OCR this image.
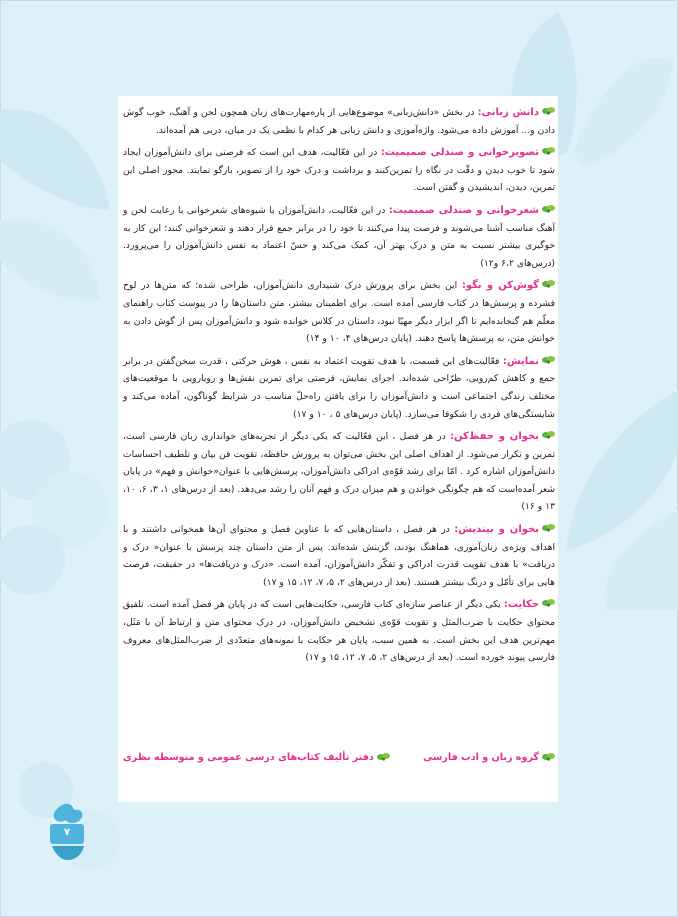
دانش زبانی: در بخش «دانش‌زبانی» موضوع‌هایی از پاره‌مهارت‌های زبان همچون لحن و آهنگ، خوب گوش دادن و... آموزش داده می‌شود. واژه‌آموزی و دانش زبانی هر کدام با نظمی یک در میان، دربی هم آمده‌اند.

تصویرخوانی و صندلی صمیمیت: در این فعّالیت، هدف این است که فرصتی برای دانش‌آموزان ایجاد شود تا خوب دیدن و دقّت در نگاه را تمرین‌کنند و برداشت و درک خود را از تصویر، بازگو نمایند. محور اصلی این تمرین، دیدن، اندیشیدن و گفتن است.

شعرخوانی و صندلی صمیمیت: در این فعّالیت، دانش‌آموزان با شیوه‌های شعرخوانی با رعایت لحن و آهنگ مناسب آشنا می‌شوند و فرصت پیدا می‌کنند تا خود را در برابر جمع قرار دهند و شعرخوانی کنند؛ این کار به خوگیری بیشتر نسبت به متن و درک بهتر آن، کمک می‌کند و حسّ اعتماد به نفس دانش‌آموزان را می‌پرورد. (درس‌های ۶،۲ و۱۲)

گوش‌کن و بگو: این بخش برای پرورش درک شنیداری دانش‌آموزان، طراحی شده؛ که متن‌ها در لوح فشرده و پرسش‌ها در کتاب فارسی آمده است. برای اطمینان بیشتر، متن داستان‌ها را در پیوست کتاب راهنمای معلّم هم گنجانده‌ایم تا اگر ابزار دیگر مهیّا نبود، داستان در کلاس خوانده شود و دانش‌آموزان پس از گوش دادن به خوانش متن، به پرسش‌ها پاسخ دهند. (پایان درس‌های ۴، ۱۰ و ۱۴)

نمایش: فعّالیت‌های این قسمت، با هدف تقویت اعتماد به نفس ، هوش حرکتی ، قدرت سخن‌گفتن در برابر جمع و کاهش کم‌رویی، طرّاحی شده‌اند. اجرای نمایش، فرصتی برای تمرین نقش‌ها و رویارویی با موقعیت‌های مختلف زندگی اجتماعی است و دانش‌آموزان را برای یافتن راه‌حلّ مناسب در شرایط گوناگون، آماده می‌کند و شایستگی‌های فردی را شکوفا می‌سازد. (پایان درس‌های ۵ ، ۱۰ و ۱۷)

بخوان و حفظ‌کن: در هر فصل ، این فعّالیت که یکی دیگر از تجربه‌های خوانداری زبان فارسی است، تمرین و تکرار می‌شود. از اهداف اصلی این بخش می‌توان به پرورش حافظه، تقویت فن بیان و تلطیف احساسات دانش‌آموزان اشاره کرد . امّا برای رشد قوّه‌ی ادراکی دانش‌آموزان، پرسش‌هایی با عنوان«خوانش و فهم» در پایان شعر آمده‌است که هم چگونگی خواندن و هم میزان درک و فهم آنان را رشد می‌دهد. (بعد از درس‌های ۱، ۳، ۶، ۱۰، ۱۳ و ۱۶)

بخوان و بیندیش: در هر فصل ، داستان‌هایی که با عناوین فصل و محتوای آن‌ها همخوانی داشتند و با اهداف ویژه‌ی زبان‌آموزی، هماهنگ بودند، گزینش شده‌اند. پس از متن داستان چند پرسش با عنوان« درک و دریافت» با هدف تقویت قدرت ادراکی و تفکّر دانش‌آموزان، آمده است. «درک و دریافت‌ها» در حقیقت، فرصت هایی برای تأمّل و درنگ بیشتر هستند. (بعد از درس‌های ۲، ۵، ۷، ۱۲، ۱۵ و ۱۷)

حکایت: یکی دیگر از عناصر سازه‌ای کتاب فارسی، حکایت‌هایی است که در پایان هر فصل آمده است. تلفیق محتوای حکایت با ضرب‌المثل و تقویت قوّه‌ی تشخیص دانش‌آموزان، در درک محتوای متن و ارتباط آن با مَثَل، مهم‌ترین هدف این بخش است. به همین سبب، پایان هر حکایت با نمونه‌های متعدّدی از ضرب‌المثل‌های معروف فارسی پیوند خورده است. (بعد از درس‌های ۲، ۵، ۷، ۱۲، ۱۵ و ۱۷)

گروه زبان و ادب فارسی
دفتر تألیف کتاب‌های درسی عمومی و متوسطه نظری
۷
